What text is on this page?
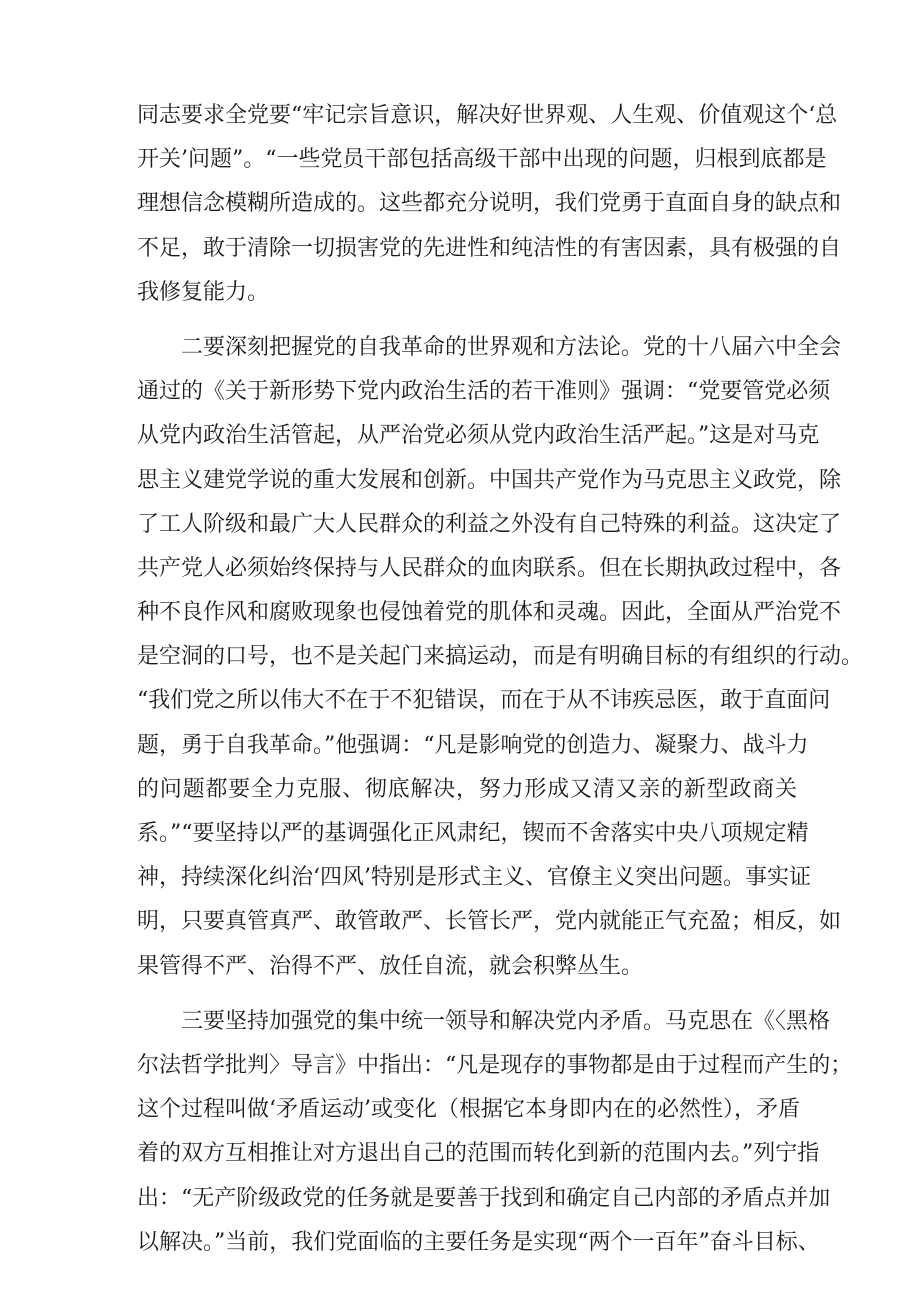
同志要求全党要“牢记宗旨意识，解决好世界观、人生观、价值观这个‘总
开关’问题”。“一些党员干部包括高级干部中出现的问题，归根到底都是
理想信念模糊所造成的。这些都充分说明，我们党勇于直面自身的缺点和
不足，敢于清除一切损害党的先进性和纯洁性的有害因素，具有极强的自
我修复能力。
　　二要深刻把握党的自我革命的世界观和方法论。党的十八届六中全会
通过的《关于新形势下党内政治生活的若干准则》强调：“党要管党必须
从党内政治生活管起，从严治党必须从党内政治生活严起。”这是对马克
思主义建党学说的重大发展和创新。中国共产党作为马克思主义政党，除
了工人阶级和最广大人民群众的利益之外没有自己特殊的利益。这决定了
共产党人必须始终保持与人民群众的血肉联系。但在长期执政过程中，各
种不良作风和腐败现象也侵蚀着党的肌体和灵魂。因此，全面从严治党不
是空洞的口号，也不是关起门来搞运动，而是有明确目标的有组织的行动。
“我们党之所以伟大不在于不犯错误，而在于从不讳疾忌医，敢于直面问
题，勇于自我革命。”他强调：“凡是影响党的创造力、凝聚力、战斗力
的问题都要全力克服、彻底解决，努力形成又清又亲的新型政商关
系。”“要坚持以严的基调强化正风肃纪，锲而不舍落实中央八项规定精
神，持续深化纠治‘四风’特别是形式主义、官僚主义突出问题。事实证
明，只要真管真严、敢管敢严、长管长严，党内就能正气充盈；相反，如
果管得不严、治得不严、放任自流，就会积弊丛生。
　　三要坚持加强党的集中统一领导和解决党内矛盾。马克思在《〈黑格
尔法哲学批判〉导言》中指出：“凡是现存的事物都是由于过程而产生的；
这个过程叫做‘矛盾运动’或变化（根据它本身即内在的必然性），矛盾
着的双方互相推让对方退出自己的范围而转化到新的范围内去。”列宁指
出：“无产阶级政党的任务就是要善于找到和确定自己内部的矛盾点并加
以解决。”当前，我们党面临的主要任务是实现“两个一百年”奋斗目标、
